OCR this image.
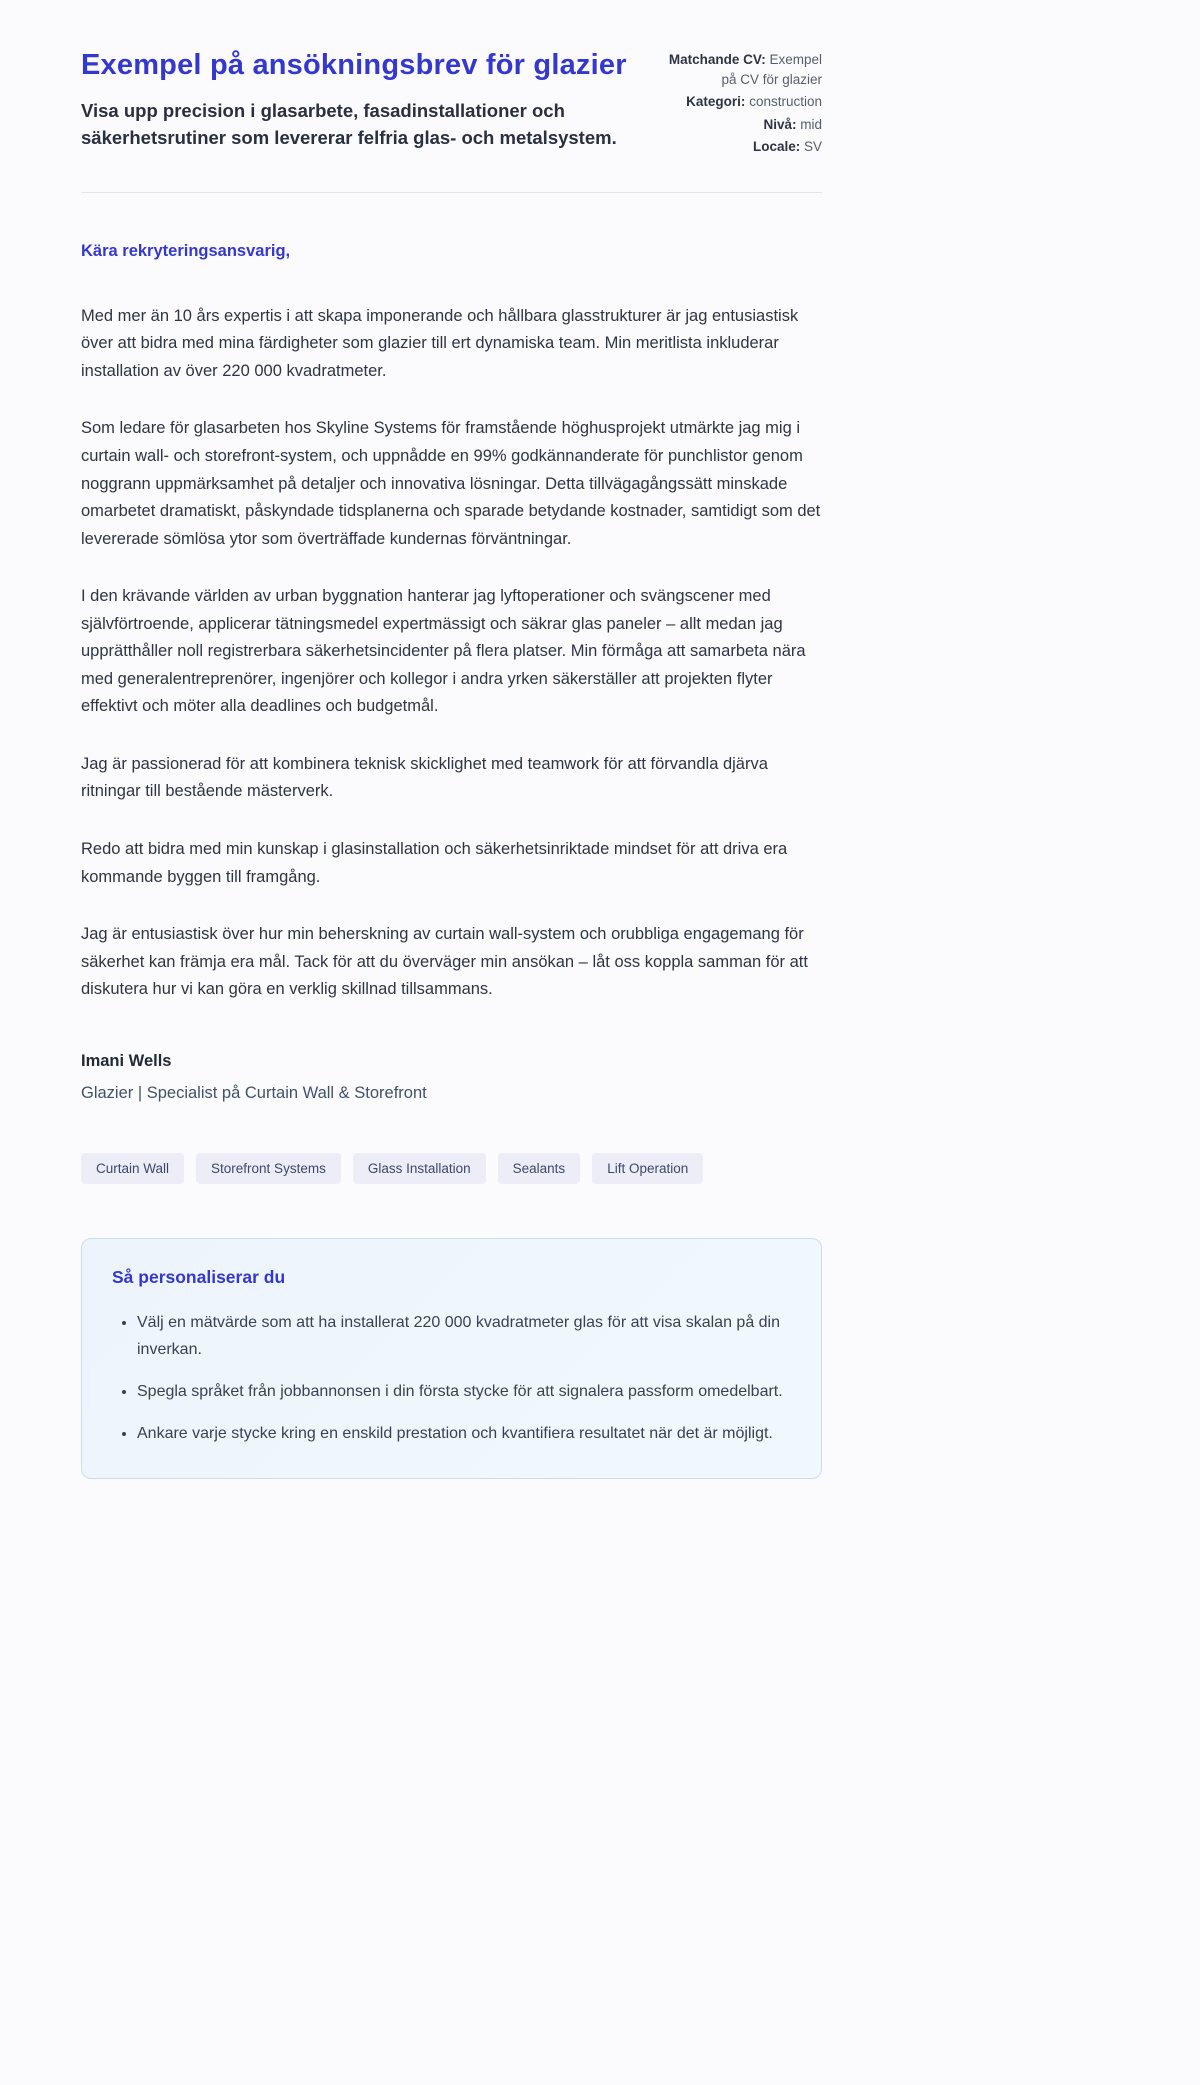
Exempel på ansökningsbrev för glazier

Visa upp precision i glasarbete, fasadinstallationer och säkerhetsrutiner som levererar felfria glas- och metalsystem.

Matchande CV: Exempel på CV för glazier
Kategori: construction
Nivå: mid
Locale: SV

Kära rekryteringsansvarig,

Med mer än 10 års expertis i att skapa imponerande och hållbara glasstrukturer är jag entusiastisk över att bidra med mina färdigheter som glazier till ert dynamiska team. Min meritlista inkluderar installation av över 220 000 kvadratmeter.

Som ledare för glasarbeten hos Skyline Systems för framstående höghusprojekt utmärkte jag mig i curtain wall- och storefront-system, och uppnådde en 99% godkännanderate för punchlistor genom noggrann uppmärksamhet på detaljer och innovativa lösningar. Detta tillvägagångssätt minskade omarbetet dramatiskt, påskyndade tidsplanerna och sparade betydande kostnader, samtidigt som det levererade sömlösa ytor som överträffade kundernas förväntningar.

I den krävande världen av urban byggnation hanterar jag lyftoperationer och svängscener med självförtroende, applicerar tätningsmedel expertmässigt och säkrar glas paneler – allt medan jag upprätthåller noll registrerbara säkerhetsincidenter på flera platser. Min förmåga att samarbeta nära med generalentreprenörer, ingenjörer och kollegor i andra yrken säkerställer att projekten flyter effektivt och möter alla deadlines och budgetmål.

Jag är passionerad för att kombinera teknisk skicklighet med teamwork för att förvandla djärva ritningar till bestående mästerverk.

Redo att bidra med min kunskap i glasinstallation och säkerhetsinriktade mindset för att driva era kommande byggen till framgång.

Jag är entusiastisk över hur min beherskning av curtain wall-system och orubbliga engagemang för säkerhet kan främja era mål. Tack för att du överväger min ansökan – låt oss koppla samman för att diskutera hur vi kan göra en verklig skillnad tillsammans.

Imani Wells
Glazier | Specialist på Curtain Wall & Storefront
Curtain Wall	Storefront Systems	Glass Installation	Sealants	Lift Operation
Så personaliserar du
• Välj en mätvärde som att ha installerat 220 000 kvadratmeter glas för att visa skalan på din inverkan.
• Spegla språket från jobbannonsen i din första stycke för att signalera passform omedelbart.
• Ankare varje stycke kring en enskild prestation och kvantifiera resultatet när det är möjligt.
